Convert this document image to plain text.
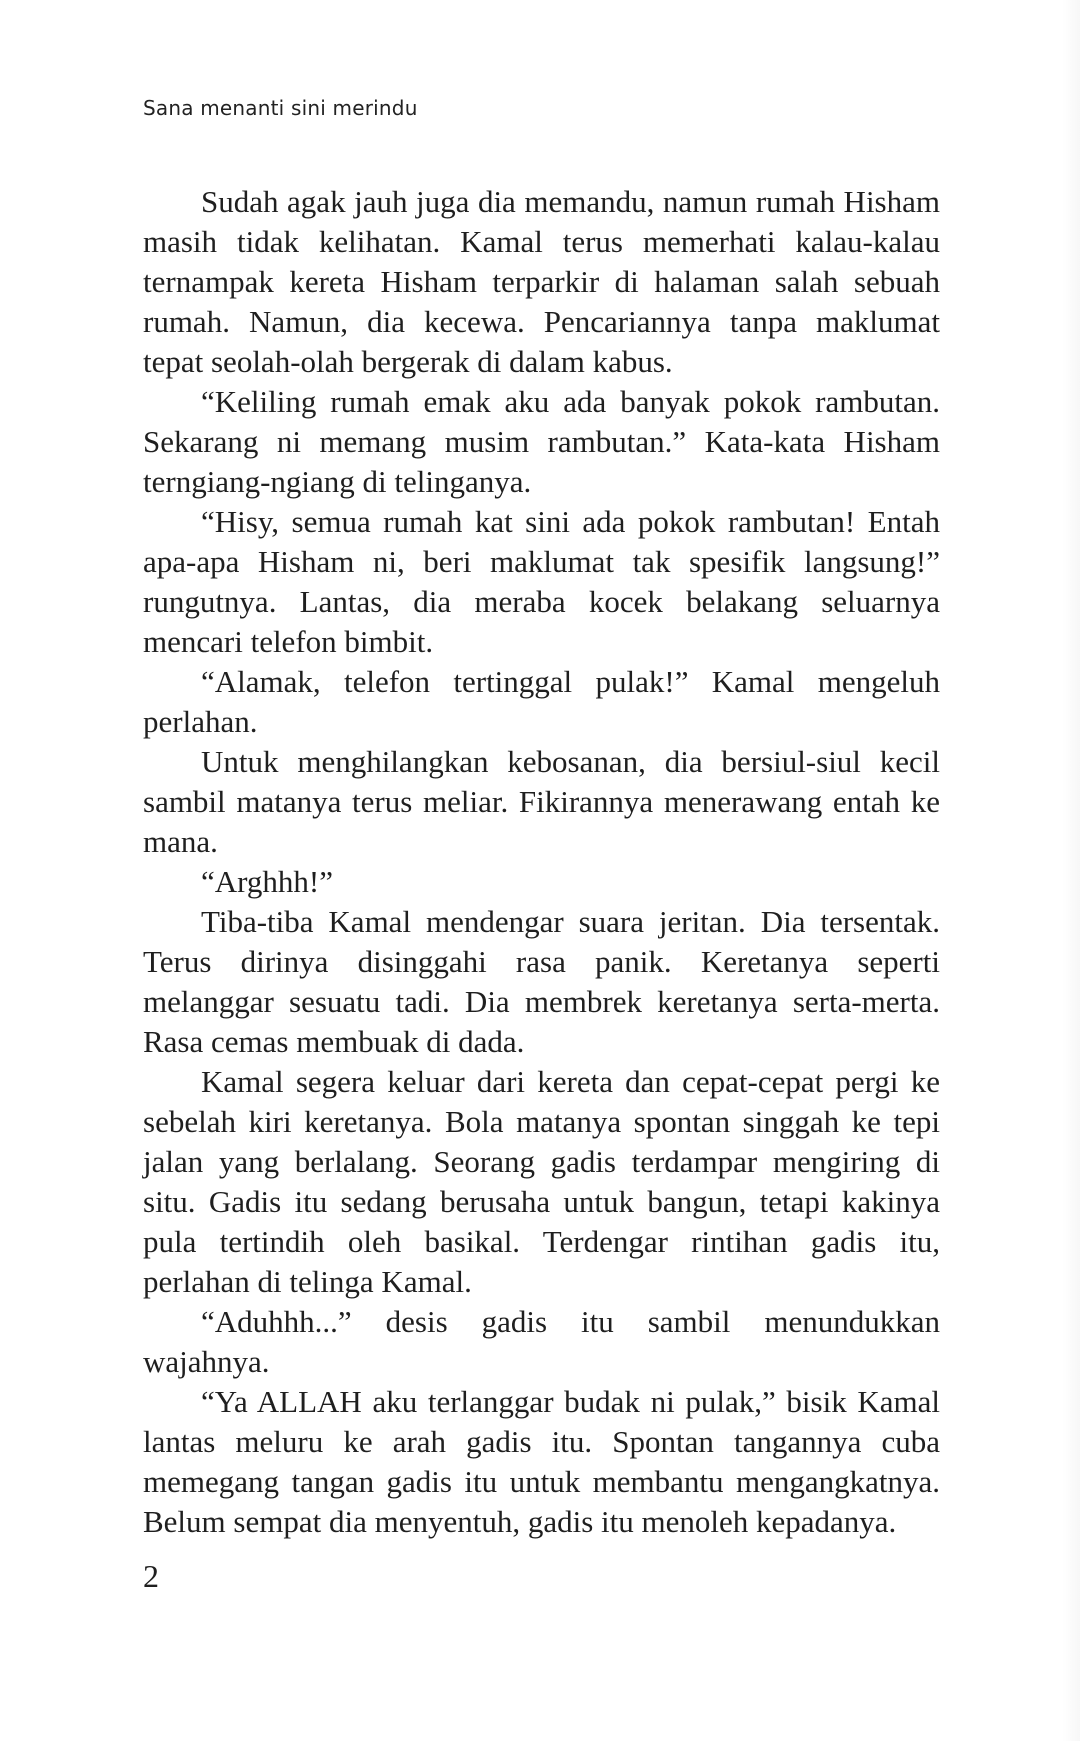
Sana menanti sini merindu

Sudah agak jauh juga dia memandu, namun rumah Hisham masih tidak kelihatan. Kamal terus memerhati kalau-kalau ternampak kereta Hisham terparkir di halaman salah sebuah rumah. Namun, dia kecewa. Pencariannya tanpa maklumat tepat seolah-olah bergerak di dalam kabus.

“Keliling rumah emak aku ada banyak pokok rambutan. Sekarang ni memang musim rambutan.” Kata-kata Hisham terngiang-ngiang di telinganya.

“Hisy, semua rumah kat sini ada pokok rambutan! Entah apa-apa Hisham ni, beri maklumat tak spesifik langsung!” rungutnya. Lantas, dia meraba kocek belakang seluarnya mencari telefon bimbit.

“Alamak, telefon tertinggal pulak!” Kamal mengeluh perlahan.

Untuk menghilangkan kebosanan, dia bersiul-siul kecil sambil matanya terus meliar. Fikirannya menerawang entah ke mana.

“Arghhh!”

Tiba-tiba Kamal mendengar suara jeritan. Dia tersentak. Terus dirinya disinggahi rasa panik. Keretanya seperti melanggar sesuatu tadi. Dia membrek keretanya serta-merta. Rasa cemas membuak di dada.

Kamal segera keluar dari kereta dan cepat-cepat pergi ke sebelah kiri keretanya. Bola matanya spontan singgah ke tepi jalan yang berlalang. Seorang gadis terdampar mengiring di situ. Gadis itu sedang berusaha untuk bangun, tetapi kakinya pula tertindih oleh basikal. Terdengar rintihan gadis itu, perlahan di telinga Kamal.

“Aduhhh...” desis gadis itu sambil menundukkan wajahnya.

“Ya ALLAH aku terlanggar budak ni pulak,” bisik Kamal lantas meluru ke arah gadis itu. Spontan tangannya cuba memegang tangan gadis itu untuk membantu mengangkatnya. Belum sempat dia menyentuh, gadis itu menoleh kepadanya.

2
